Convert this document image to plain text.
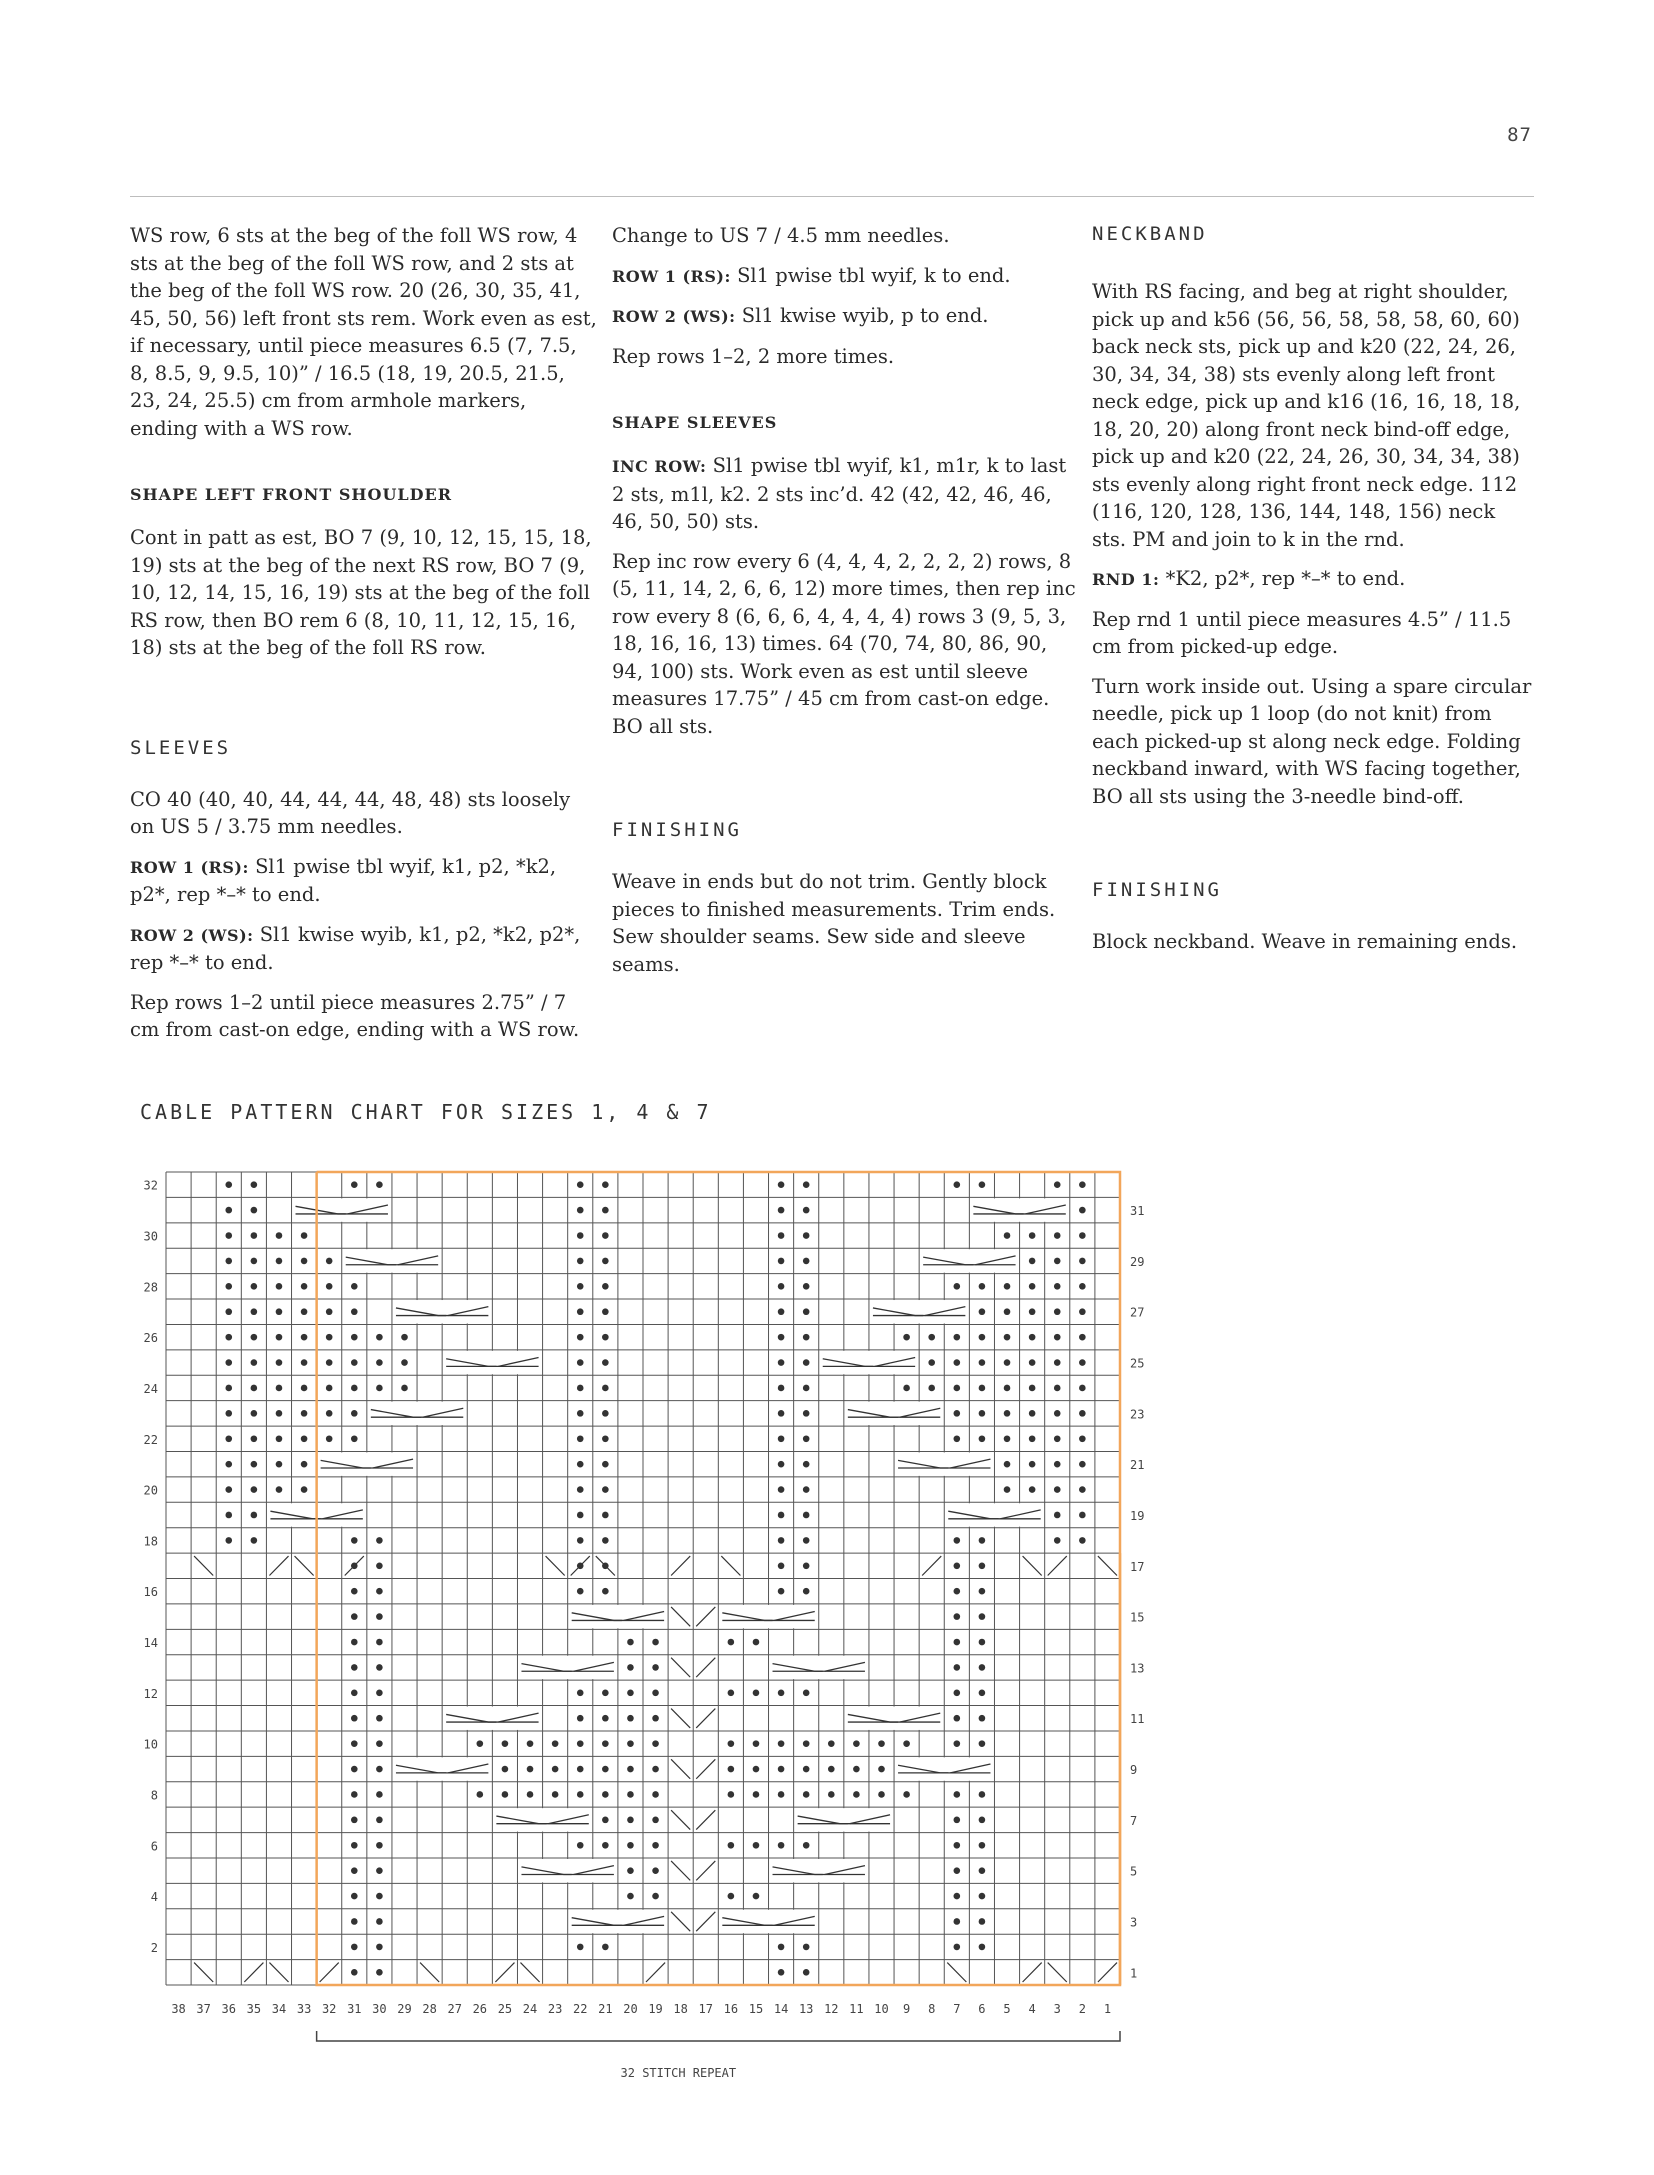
87

WS row, 6 sts at the beg of the foll WS row, 4 sts at the beg of the foll WS row, and 2 sts at the beg of the foll WS row. 20 (26, 30, 35, 41, 45, 50, 56) left front sts rem. Work even as est, if necessary, until piece measures 6.5 (7, 7.5, 8, 8.5, 9, 9.5, 10)” / 16.5 (18, 19, 20.5, 21.5, 23, 24, 25.5) cm from armhole markers, ending with a WS row.

SHAPE LEFT FRONT SHOULDER

Cont in patt as est, BO 7 (9, 10, 12, 15, 15, 18, 19) sts at the beg of the next RS row, BO 7 (9, 10, 12, 14, 15, 16, 19) sts at the beg of the foll RS row, then BO rem 6 (8, 10, 11, 12, 15, 16, 18) sts at the beg of the foll RS row.

SLEEVES

CO 40 (40, 40, 44, 44, 44, 48, 48) sts loosely on US 5 / 3.75 mm needles.

ROW 1 (RS): Sl1 pwise tbl wyif, k1, p2, *k2, p2*, rep *–* to end.

ROW 2 (WS): Sl1 kwise wyib, k1, p2, *k2, p2*, rep *–* to end.

Rep rows 1–2 until piece measures 2.75” / 7 cm from cast-on edge, ending with a WS row.

Change to US 7 / 4.5 mm needles.

ROW 1 (RS): Sl1 pwise tbl wyif, k to end.

ROW 2 (WS): Sl1 kwise wyib, p to end.

Rep rows 1–2, 2 more times.

SHAPE SLEEVES

INC ROW: Sl1 pwise tbl wyif, k1, m1r, k to last 2 sts, m1l, k2. 2 sts inc’d. 42 (42, 42, 46, 46, 46, 50, 50) sts.

Rep inc row every 6 (4, 4, 4, 2, 2, 2, 2) rows, 8 (5, 11, 14, 2, 6, 6, 12) more times, then rep inc row every 8 (6, 6, 6, 4, 4, 4, 4) rows 3 (9, 5, 3, 18, 16, 16, 13) times. 64 (70, 74, 80, 86, 90, 94, 100) sts. Work even as est until sleeve measures 17.75” / 45 cm from cast-on edge. BO all sts.

FINISHING

Weave in ends but do not trim. Gently block pieces to finished measurements. Trim ends. Sew shoulder seams. Sew side and sleeve seams.

NECKBAND

With RS facing, and beg at right shoulder, pick up and k56 (56, 56, 58, 58, 58, 60, 60) back neck sts, pick up and k20 (22, 24, 26, 30, 34, 34, 38) sts evenly along left front neck edge, pick up and k16 (16, 16, 18, 18, 18, 20, 20) along front neck bind-off edge, pick up and k20 (22, 24, 26, 30, 34, 34, 38) sts evenly along right front neck edge. 112 (116, 120, 128, 136, 144, 148, 156) neck sts. PM and join to k in the rnd.

RND 1: *K2, p2*, rep *–* to end.

Rep rnd 1 until piece measures 4.5” / 11.5 cm from picked-up edge.

Turn work inside out. Using a spare circular needle, pick up 1 loop (do not knit) from each picked-up st along neck edge. Folding neckband inward, with WS facing together, BO all sts using the 3-needle bind-off.

FINISHING

Block neckband. Weave in remaining ends.

CABLE PATTERN CHART FOR SIZES 1, 4 & 7
38 37 36 35 34 33 32 31 30 29 28 27 26 25 24 23 22 21 20 19 18 17 16 15 14 13 12 11 10 9 8 7 6 5 4 3 2 1
32
30
28
26
24
22
20
18
16
14
12
10
8
6
4
2
31
29
27
25
23
21
19
17
15
13
11
9
7
5
3
1
32 STITCH REPEAT
